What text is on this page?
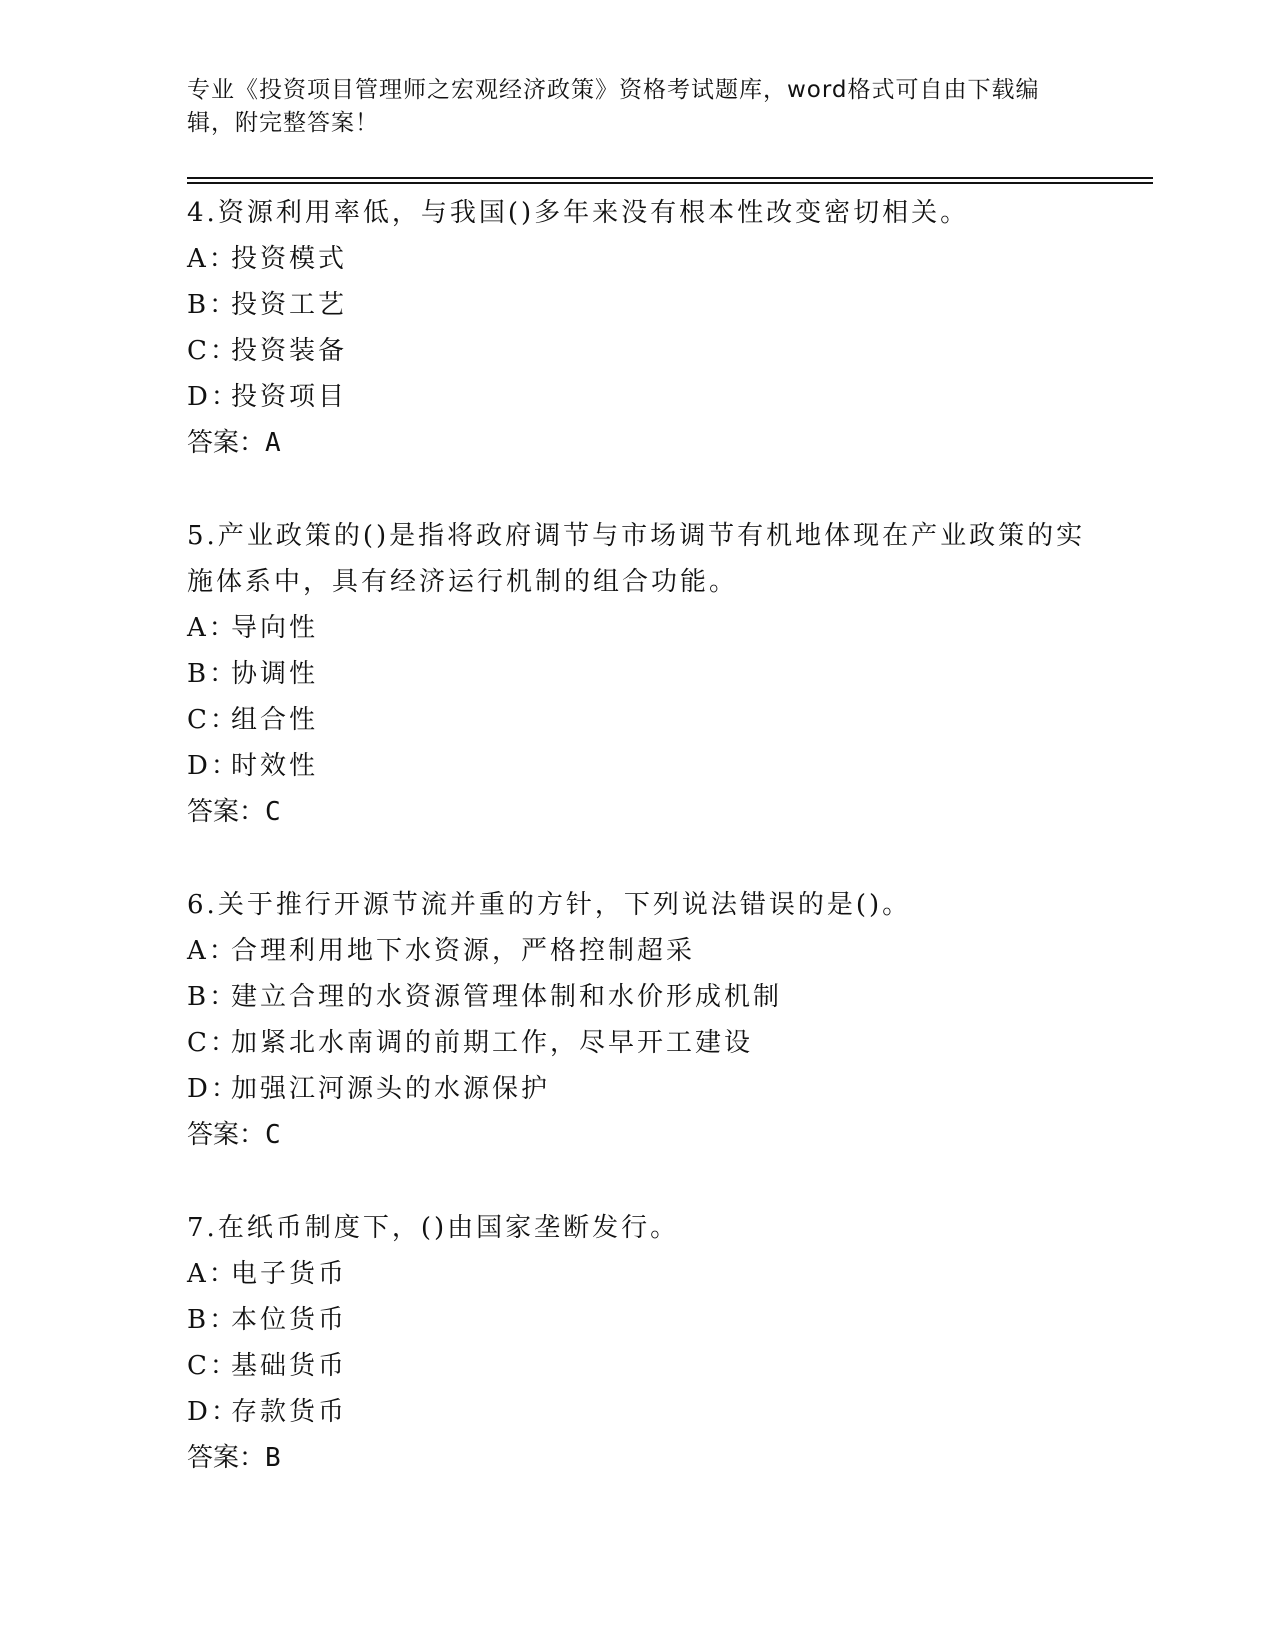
专业《投资项目管理师之宏观经济政策》资格考试题库，word格式可自由下载编辑，附完整答案！
4.资源利用率低，与我国()多年来没有根本性改变密切相关。
A：投资模式
B：投资工艺
C：投资装备
D：投资项目
答案：A
5.产业政策的()是指将政府调节与市场调节有机地体现在产业政策的实施体系中，具有经济运行机制的组合功能。
A：导向性
B：协调性
C：组合性
D：时效性
答案：C
6.关于推行开源节流并重的方针，下列说法错误的是()。
A：合理利用地下水资源，严格控制超采
B：建立合理的水资源管理体制和水价形成机制
C：加紧北水南调的前期工作，尽早开工建设
D：加强江河源头的水源保护
答案：C
7.在纸币制度下，()由国家垄断发行。
A：电子货币
B：本位货币
C：基础货币
D：存款货币
答案：B
